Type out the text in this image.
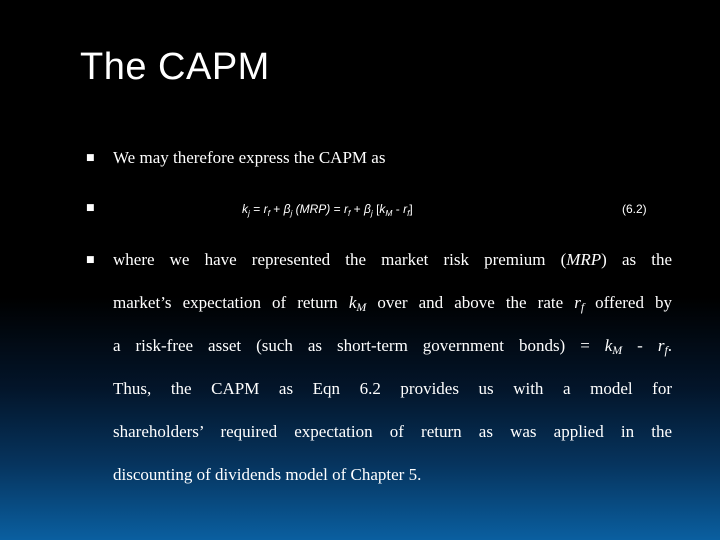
The CAPM
■ We may therefore express the CAPM as
■	$k_j = r_f + \beta_j$ $(MRP) = r_f + \beta_j$ $[k_M - r_f]$	(6.2)
■ where we have represented the market risk premium (MRP) as the
market’s expectation of return $k_M$ over and above the rate $r_f$ offered by
a risk-free asset (such as short-term government bonds) = $k_M - r_f$.
Thus, the CAPM as Eqn 6.2 provides us with a model for
shareholders’ required expectation of return as was applied in the
discounting of dividends model of Chapter 5.
